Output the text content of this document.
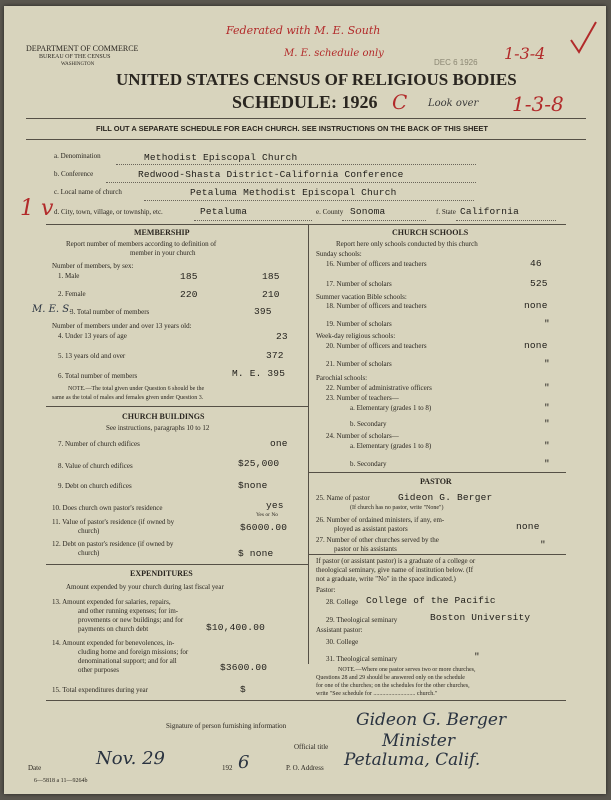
DEPARTMENT OF COMMERCE
BUREAU OF THE CENSUS
WASHINGTON
UNITED STATES CENSUS OF RELIGIOUS BODIES
SCHEDULE: 1926
DEC 6 1926
FILL OUT A SEPARATE SCHEDULE FOR EACH CHURCH. SEE INSTRUCTIONS ON THE BACK OF THIS SHEET
Federated with M. E. South
M. E. schedule only	1-3-4
C	1-3-8
Look over
1 v
a. Denomination	Methodist Episcopal Church
b. Conference	Redwood-Shasta District-California Conference
c. Local name of church	Petaluma Methodist Episcopal Church
d. City, town, village, or township, etc.	Petaluma	e. County Sonoma	f. State California
MEMBERSHIP
Report number of members according to definition of
member in your church
Number of members, by sex:
1. Male	185	185
2. Female	220	210
M. E. S.
3. Total number of members	395
Number of members under and over 13 years old:
4. Under 13 years of age	23
5. 13 years old and over	372
6. Total number of members	M. E. 395
NOTE.—The total given under Question 6 should be the
same as the total of males and females given under Question 3.
CHURCH BUILDINGS
See instructions, paragraphs 10 to 12
7. Number of church edifices	one
8. Value of church edifices	$25,000
9. Debt on church edifices	$none
10. Does church own pastor's residence	yes
Yes or No
11. Value of pastor's residence (if owned by
church)	$6000.00
12. Debt on pastor's residence (if owned by
church)	$ none
EXPENDITURES
Amount expended by your church during last fiscal year
13. Amount expended for salaries, repairs,
and other running expenses; for im-
provements or new buildings; and for
payments on church debt	$10,400.00
14. Amount expended for benevolences, in-
cluding home and foreign missions; for
denominational support; and for all
other purposes	$3600.00
15. Total expenditures during year	$
CHURCH SCHOOLS
Report here only schools conducted by this church
Sunday schools:
16. Number of officers and teachers	46
17. Number of scholars	525
Summer vacation Bible schools:
18. Number of officers and teachers	none
19. Number of scholars	"
Week-day religious schools:
20. Number of officers and teachers	none
21. Number of scholars	"
Parochial schools:
22. Number of administrative officers	"
23. Number of teachers—
a. Elementary (grades 1 to 8)	"
b. Secondary	"
24. Number of scholars—
a. Elementary (grades 1 to 8)	"
b. Secondary	"
PASTOR
25. Name of pastor	Gideon G. Berger
(If church has no pastor, write "None")
26. Number of ordained ministers, if any, em-
ployed as assistant pastors	none
27. Number of other churches served by the
pastor or his assistants	"
If pastor (or assistant pastor) is a graduate of a college or
theological seminary, give name of institution below. (If
not a graduate, write "No" in the space indicated.)
Pastor:
28. College College of the Pacific
29. Theological seminary	Boston University
Assistant pastor:
30. College
31. Theological seminary	"
NOTE.—Where one pastor serves two or more churches,
Questions 28 and 29 should be answered only on the schedule
for one of the churches; on the schedules for the other churches,
write "See schedule for ............................ church."
Signature of person furnishing information	Gideon G. Berger
Official title	Minister
Date	Nov. 29	192 6	P. O. Address Petaluma, Calif.
6—5818 a 11—9264b
